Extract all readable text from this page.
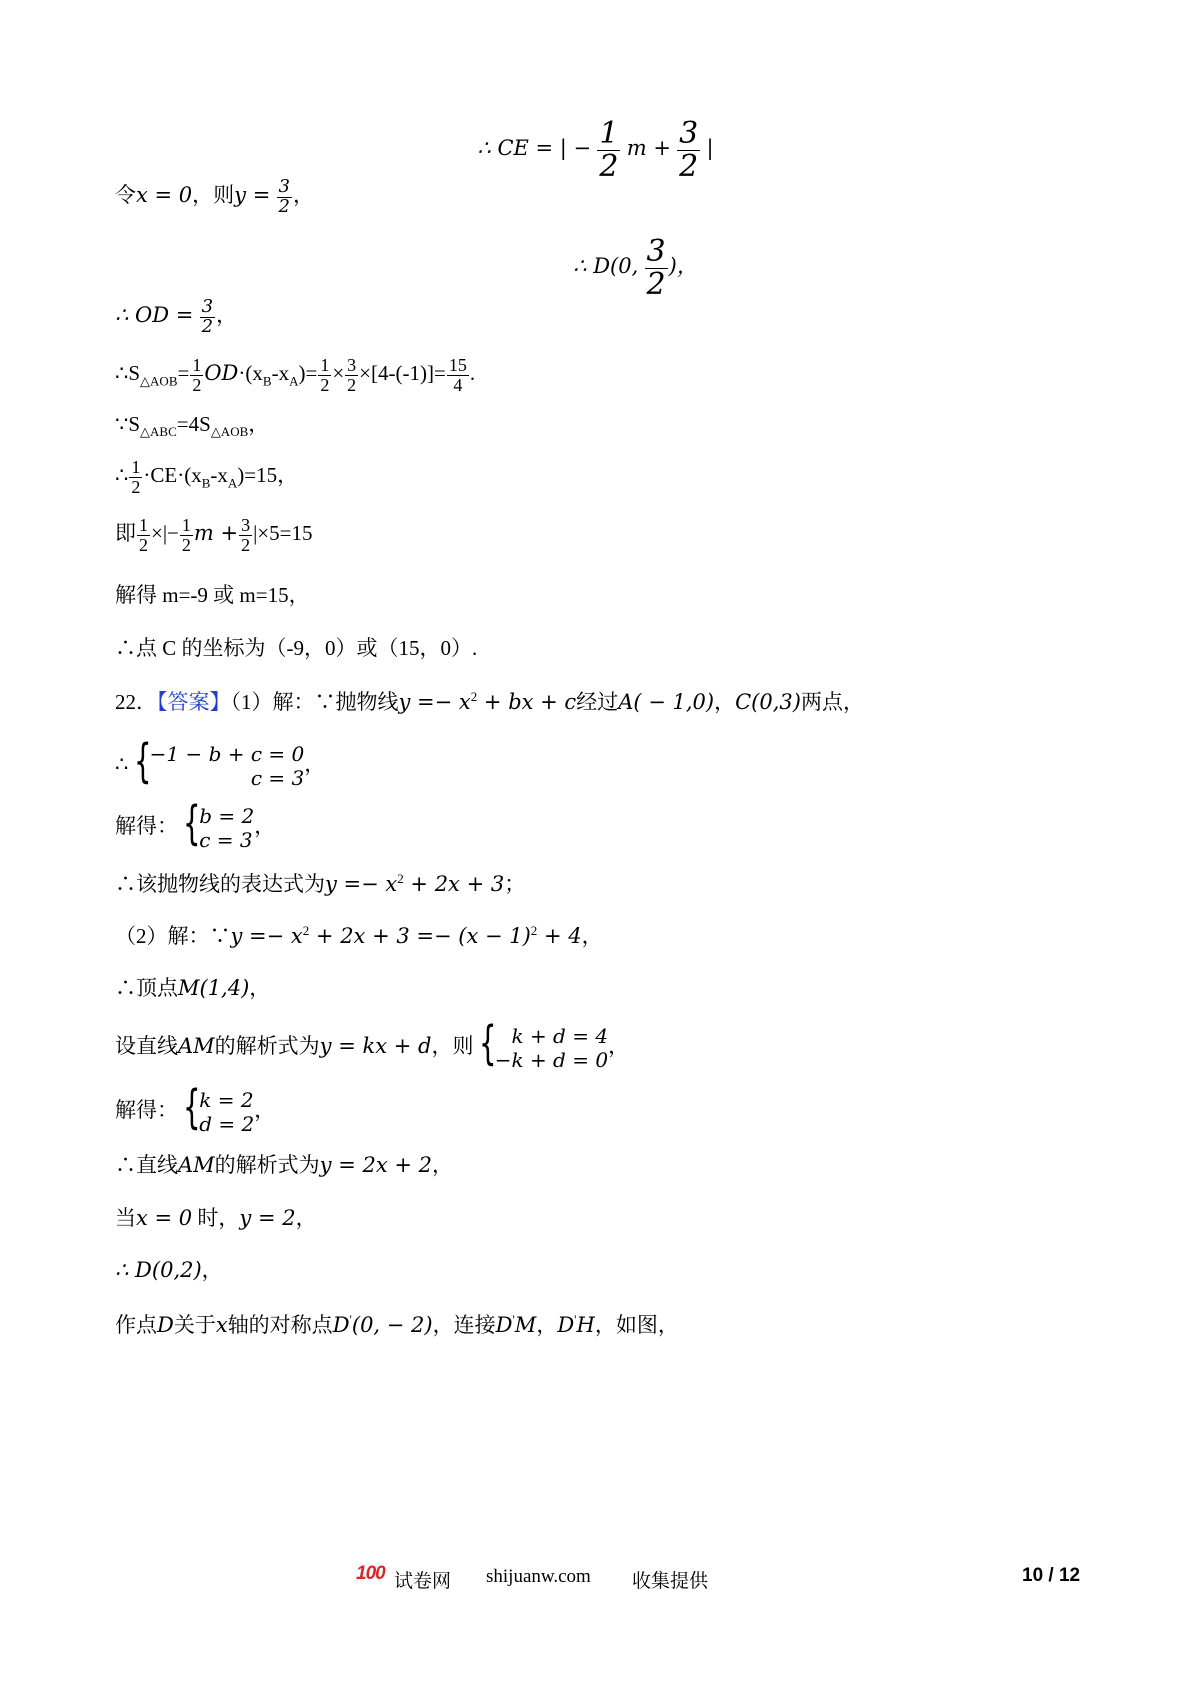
∴ CE = | − $\frac{1}{2}$ $m + \frac{3}{2}$ |
令x = 0，则$y = \frac{3}{2}$ ，
∴ D(0, $\frac{3}{2}$ )，
∴ OD = $\frac{3}{2}$ ，
$\therefore S_{\triangle AOB}= \frac{1}{2} OD\cdot(x_B-x_A)= \frac{1}{2} \times \frac{3}{2} \times[4-(-1)]= \frac{15}{4}$ .
$\because S_{\triangle ABC}=4S_{\triangle AOB}$，
∴ $\frac{1}{2} \cdot CE\cdot(x_B-x_A)=15$，
即 $\frac{1}{2}$ ×|− $\frac{1}{2}$ $m + \frac{3}{2} |\times 5=15$
解得 m=-9 或 m=15，
∴点 C 的坐标为（-9，0）或（15，0）.
22．【答案】（1）解：∵抛物线$y =- x^2$ + bx + c经过A( − 1,0)，C(0,3)两点，
∴ {
−1 − b + c = 0
c = 3
，
解得： {
b = 2
c = 3
，
∴该抛物线的表达式为$y =- x^2 + 2x + 3$；
（2）解：∵y =− $x^2 + 2x + 3 =- (x - 1)^2 + 4$，
∴顶点M(1,4)，
设直线AM的解析式为y = kx + d，则 { k + d = 4
−k + d = 0
，
解得： {
k = 2
d = 2
，
∴直线AM的解析式为y = 2x + 2，
当x = 0 时，y = 2，
∴ D(0,2)，
作点D关于x轴的对称点D'(0, − 2)，连接D'M，D'H，如图，
100 试卷网 shijuanw.com 收集提供	10 / 12
